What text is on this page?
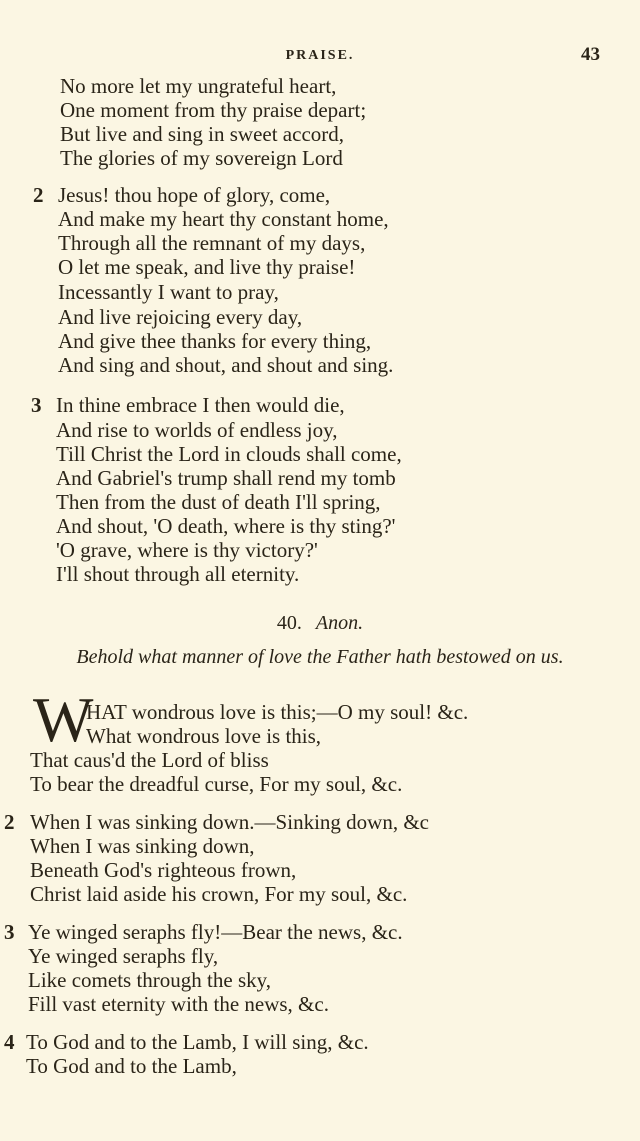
PRAISE.	43
No more let my ungrateful heart,
One moment from thy praise depart;
But live and sing in sweet accord,
The glories of my sovereign Lord
2 Jesus! thou hope of glory, come,
And make my heart thy constant home,
Through all the remnant of my days,
O let me speak, and live thy praise!
Incessantly I want to pray,
And live rejoicing every day,
And give thee thanks for every thing,
And sing and shout, and shout and sing.
3 In thine embrace I then would die,
And rise to worlds of endless joy,
Till Christ the Lord in clouds shall come,
And Gabriel's trump shall rend my tomb
Then from the dust of death I'll spring,
And shout, 'O death, where is thy sting?'
'O grave, where is thy victory?'
I'll shout through all eternity.
40. Anon.
Behold what manner of love the Father hath bestowed on us.
W
HAT wondrous love is this;—O my soul! &c.
What wondrous love is this,
That caus'd the Lord of bliss
To bear the dreadful curse, For my soul, &c.
2 When I was sinking down.—Sinking down, &c
When I was sinking down,
Beneath God's righteous frown,
Christ laid aside his crown, For my soul, &c.
3 Ye winged seraphs fly!—Bear the news, &c.
Ye winged seraphs fly,
Like comets through the sky,
Fill vast eternity with the news, &c.
4 To God and to the Lamb, I will sing, &c.
To God and to the Lamb,
